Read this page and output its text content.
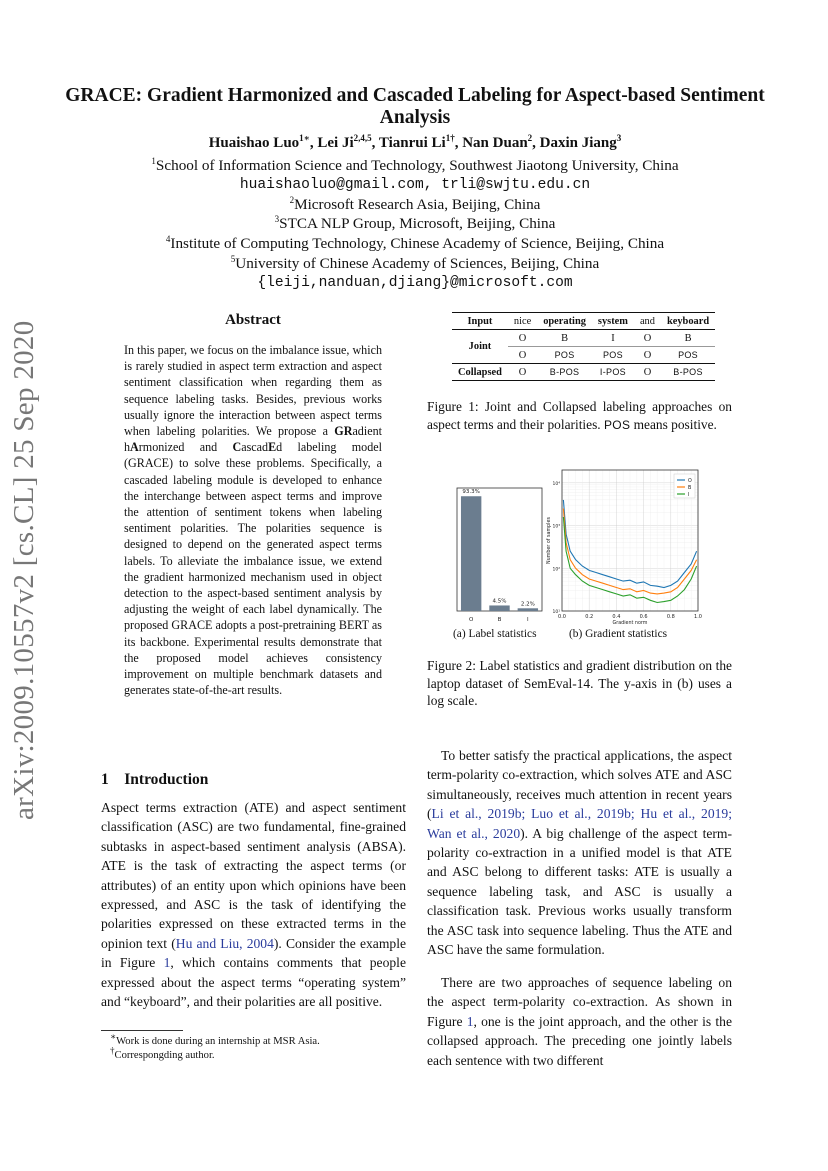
arXiv:2009.10557v2 [cs.CL] 25 Sep 2020
GRACE: Gradient Harmonized and Cascaded Labeling for Aspect-based Sentiment Analysis
Huaishao Luo$^{1∗}$, Lei Ji$^{2,4,5}$, Tianrui $Li^{1\dagger}$, Nan Duan$^2$, Daxin Jiang$^3$
$^1$School of Information Science and Technology, Southwest Jiaotong University, China
huaishaoluo@gmail.com, trli@swjtu.edu.cn
$^2$Microsoft Research Asia, Beijing, China
$^3$STCA NLP Group, Microsoft, Beijing, China
$^4$Institute of Computing Technology, Chinese Academy of Science, Beijing, China
$^5$University of Chinese Academy of Sciences, Beijing, China
{leiji,nanduan,djiang}@microsoft.com
Abstract
In this paper, we focus on the imbalance issue, which is rarely studied in aspect term extraction and aspect sentiment classification when regarding them as sequence labeling tasks. Besides, previous works usually ignore the interaction between aspect terms when labeling polarities. We propose a GRadient hArmonized and CascadEd labeling model (GRACE) to solve these problems. Specifically, a cascaded labeling module is developed to enhance the interchange between aspect terms and improve the attention of sentiment tokens when labeling sentiment polarities. The polarities sequence is designed to depend on the generated aspect terms labels. To alleviate the imbalance issue, we extend the gradient harmonized mechanism used in object detection to the aspect-based sentiment analysis by adjusting the weight of each label dynamically. The proposed GRACE adopts a post-pretraining BERT as its backbone. Experimental results demonstrate that the proposed model achieves consistency improvement on multiple benchmark datasets and generates state-of-the-art results.
1 Introduction
Aspect terms extraction (ATE) and aspect sentiment classification (ASC) are two fundamental, fine-grained subtasks in aspect-based sentiment analysis (ABSA). ATE is the task of extracting the aspect terms (or attributes) of an entity upon which opinions have been expressed, and ASC is the task of identifying the polarities expressed on these extracted terms in the opinion text (Hu and Liu, 2004). Consider the example in Figure 1, which contains comments that people expressed about the aspect terms “operating system” and “keyboard”, and their polarities are all positive.
∗Work is done during an internship at MSR Asia.
†Correspongding author.
Input	nice	operating	system	and	keyboard
Joint	O	B	I	O	B
	O	POS	POS	O	POS
Collapsed	O	B-POS	I-POS	O	B-POS
Figure 1: Joint and Collapsed labeling approaches on aspect terms and their polarities. POS means positive.
93.3%
O
4.5%
B
2.2%
I	0.0	0.2	0.4	0.6	0.8	1.0
10¹
10²
10³
10⁴
Gradient norm
Number of samples
O
B
I
(a) Label statistics	(b) Gradient statistics
Figure 2: Label statistics and gradient distribution on the laptop dataset of SemEval-14. The y-axis in (b) uses a log scale.
To better satisfy the practical applications, the aspect term-polarity co-extraction, which solves ATE and ASC simultaneously, receives much attention in recent years (Li et al., 2019b; Luo et al., 2019b; Hu et al., 2019; Wan et al., 2020). A big challenge of the aspect term-polarity co-extraction in a unified model is that ATE and ASC belong to different tasks: ATE is usually a sequence labeling task, and ASC is usually a classification task. Previous works usually transform the ASC task into sequence labeling. Thus the ATE and ASC have the same formulation.
There are two approaches of sequence labeling on the aspect term-polarity co-extraction. As shown in Figure 1, one is the joint approach, and the other is the collapsed approach. The preceding one jointly labels each sentence with two different
